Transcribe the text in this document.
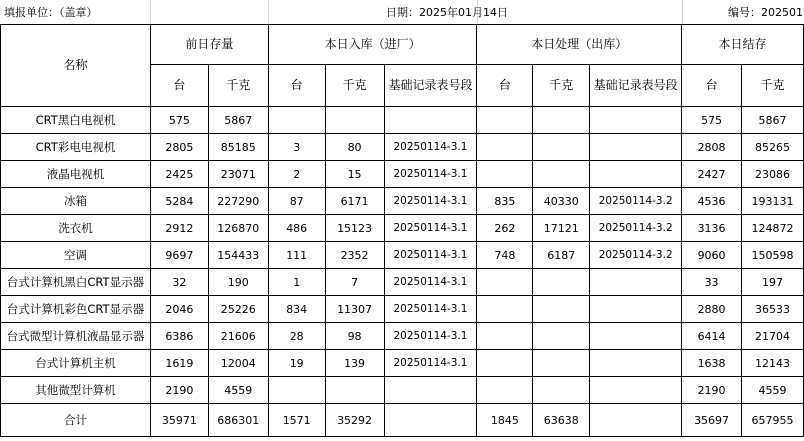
填报单位：（盖章）	日期：2025年01月14日	编号：202501
名称	前日存量		本日入库（进厂）			本日处理（出库）			本日结存	
	台	千克	台	千克	基础记录表号段	台	千克	基础记录表号段	台	千克
CRT黑白电视机	575	5867							575	5867
CRT彩电电视机	2805	85185	3	80	20250114-3.1				2808	85265
液晶电视机	2425	23071	2	15	20250114-3.1				2427	23086
冰箱	5284	227290	87	6171	20250114-3.1	835	40330	20250114-3.2	4536	193131
洗衣机	2912	126870	486	15123	20250114-3.1	262	17121	20250114-3.2	3136	124872
空调	9697	154433	111	2352	20250114-3.1	748	6187	20250114-3.2	9060	150598
台式计算机黑白CRT显示器	32	190	1	7	20250114-3.1				33	197
台式计算机彩色CRT显示器	2046	25226	834	11307	20250114-3.1				2880	36533
台式微型计算机液晶显示器	6386	21606	28	98	20250114-3.1				6414	21704
台式计算机主机	1619	12004	19	139	20250114-3.1				1638	12143
其他微型计算机	2190	4559							2190	4559
合计	35971	686301	1571	35292		1845	63638		35697	657955
